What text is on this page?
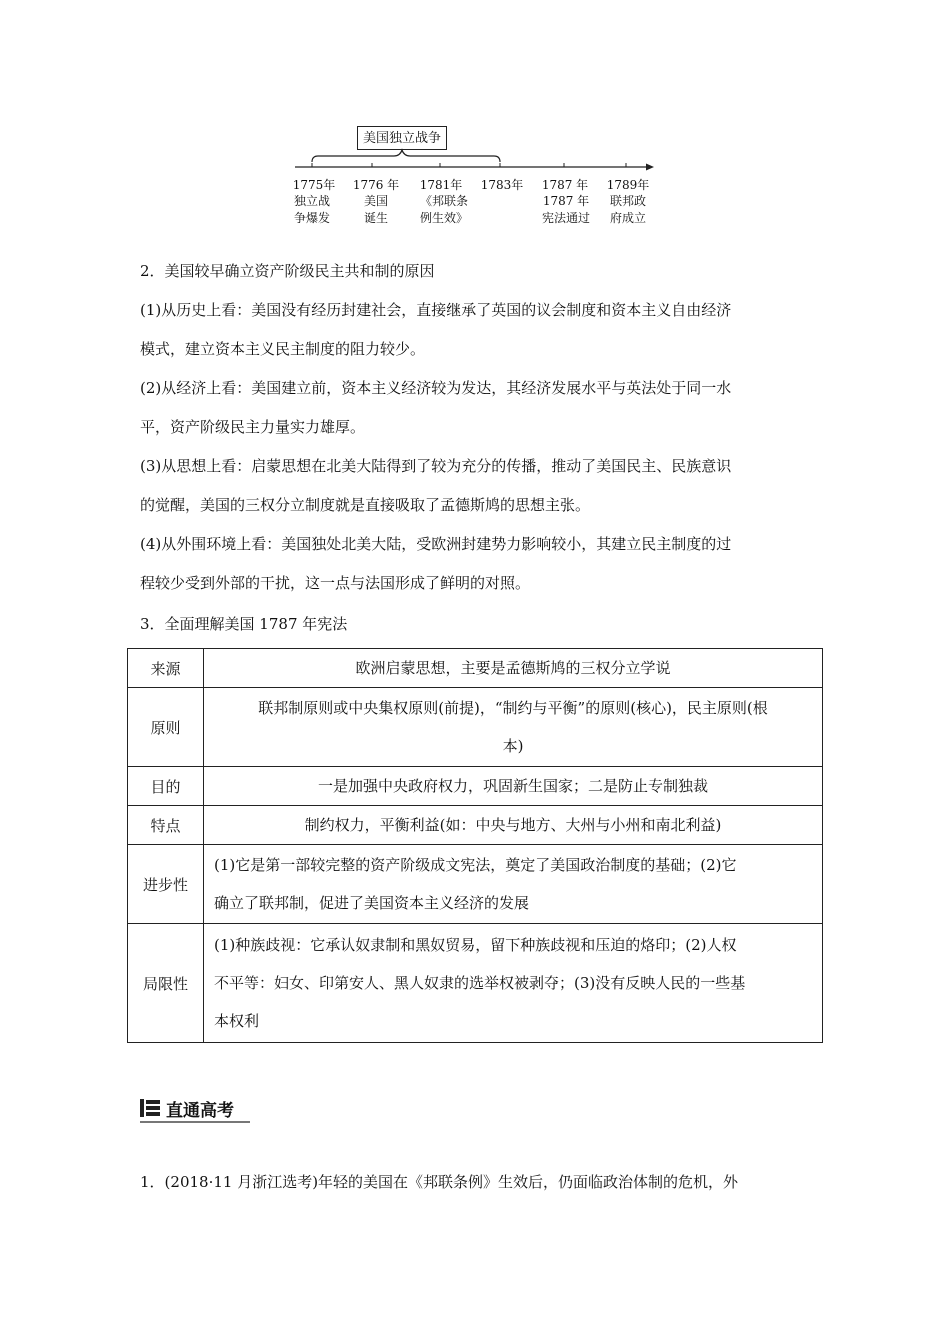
美国独立战争
1775年	1776 年	1781年	1783年	1787 年	1789年
独立战
争爆发
美国
诞生
《邦联条
例生效》
1787 年
宪法通过
联邦政
府成立
2．美国较早确立资产阶级民主共和制的原因
(1)从历史上看：美国没有经历封建社会，直接继承了英国的议会制度和资本主义自由经济
模式，建立资本主义民主制度的阻力较少。
(2)从经济上看：美国建立前，资本主义经济较为发达，其经济发展水平与英法处于同一水
平，资产阶级民主力量实力雄厚。
(3)从思想上看：启蒙思想在北美大陆得到了较为充分的传播，推动了美国民主、民族意识
的觉醒，美国的三权分立制度就是直接吸取了孟德斯鸠的思想主张。
(4)从外围环境上看：美国独处北美大陆，受欧洲封建势力影响较小，其建立民主制度的过
程较少受到外部的干扰，这一点与法国形成了鲜明的对照。
3．全面理解美国 1787 年宪法
来源	欧洲启蒙思想，主要是孟德斯鸠的三权分立学说

原则	联邦制原则或中央集权原则(前提)，“制约与平衡”的原则(核心)，民主原则(根
本)

目的	一是加强中央政府权力，巩固新生国家；二是防止专制独裁

特点	制约权力，平衡利益(如：中央与地方、大州与小州和南北利益)

进步性	(1)它是第一部较完整的资产阶级成文宪法，奠定了美国政治制度的基础；(2)它
确立了联邦制，促进了美国资本主义经济的发展

局限性	(1)种族歧视：它承认奴隶制和黑奴贸易，留下种族歧视和压迫的烙印；(2)人权
不平等：妇女、印第安人、黑人奴隶的选举权被剥夺；(3)没有反映人民的一些基
本权利
直通高考
1．(2018·11 月浙江选考)年轻的美国在《邦联条例》生效后，仍面临政治体制的危机，外
